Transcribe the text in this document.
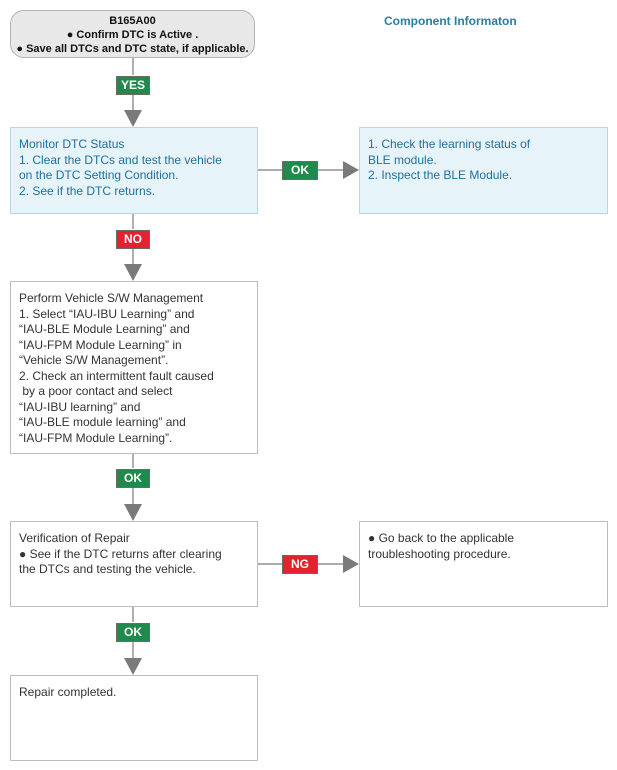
B165A00
● Confirm DTC is Active .
● Save all DTCs and DTC state, if applicable.
Component Informaton
YES
Monitor DTC Status
1. Clear the DTCs and test the vehicle
on the DTC Setting Condition.
2. See if the DTC returns.
OK
1. Check the learning status of
BLE module.
2. Inspect the BLE Module.
NO
Perform Vehicle S/W Management
1. Select “IAU-IBU Learning” and
“IAU-BLE Module Learning” and
“IAU-FPM Module Learning” in
“Vehicle S/W Management”.
2. Check an intermittent fault caused
by a poor contact and select
“IAU-IBU learning” and
“IAU-BLE module learning” and
“IAU-FPM Module Learning”.
OK
Verification of Repair
● See if the DTC returns after clearing
the DTCs and testing the vehicle.	NG
● Go back to the applicable
troubleshooting procedure.
OK
Repair completed.
